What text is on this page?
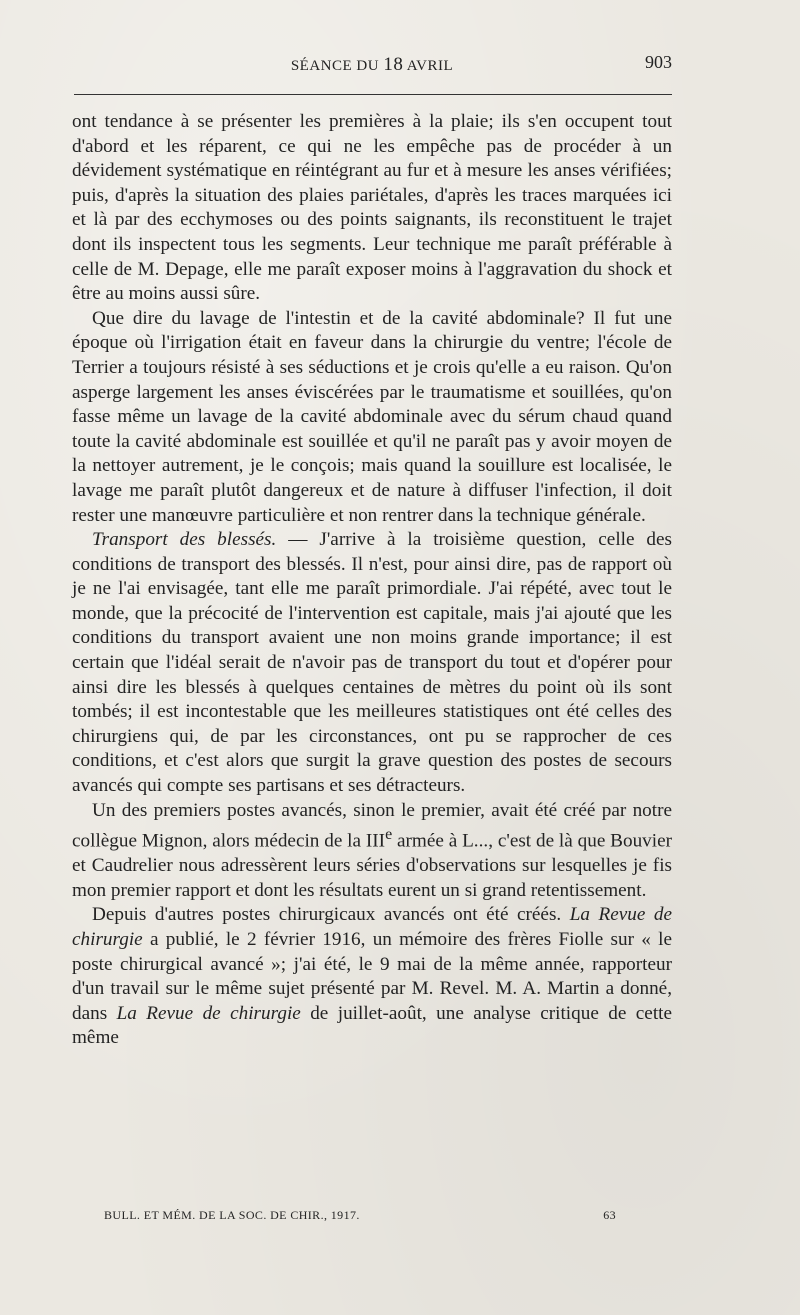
SÉANCE DU 18 AVRIL	903

ont tendance à se présenter les premières à la plaie; ils s'en occupent tout d'abord et les réparent, ce qui ne les empêche pas de procéder à un dévidement systématique en réintégrant au fur et à mesure les anses vérifiées; puis, d'après la situation des plaies pariétales, d'après les traces marquées ici et là par des ecchymoses ou des points saignants, ils reconstituent le trajet dont ils inspectent tous les segments. Leur technique me paraît préférable à celle de M. Depage, elle me paraît exposer moins à l'aggravation du shock et être au moins aussi sûre.

Que dire du lavage de l'intestin et de la cavité abdominale? Il fut une époque où l'irrigation était en faveur dans la chirurgie du ventre; l'école de Terrier a toujours résisté à ses séductions et je crois qu'elle a eu raison. Qu'on asperge largement les anses éviscérées par le traumatisme et souillées, qu'on fasse même un lavage de la cavité abdominale avec du sérum chaud quand toute la cavité abdominale est souillée et qu'il ne paraît pas y avoir moyen de la nettoyer autrement, je le conçois; mais quand la souillure est localisée, le lavage me paraît plutôt dangereux et de nature à diffuser l'infection, il doit rester une manœuvre particulière et non rentrer dans la technique générale.

Transport des blessés. — J'arrive à la troisième question, celle des conditions de transport des blessés. Il n'est, pour ainsi dire, pas de rapport où je ne l'ai envisagée, tant elle me paraît primordiale. J'ai répété, avec tout le monde, que la précocité de l'intervention est capitale, mais j'ai ajouté que les conditions du transport avaient une non moins grande importance; il est certain que l'idéal serait de n'avoir pas de transport du tout et d'opérer pour ainsi dire les blessés à quelques centaines de mètres du point où ils sont tombés; il est incontestable que les meilleures statistiques ont été celles des chirurgiens qui, de par les circonstances, ont pu se rapprocher de ces conditions, et c'est alors que surgit la grave question des postes de secours avancés qui compte ses partisans et ses détracteurs.

Un des premiers postes avancés, sinon le premier, avait été créé par notre collègue Mignon, alors médecin de la IIIe armée à L..., c'est de là que Bouvier et Caudrelier nous adressèrent leurs séries d'observations sur lesquelles je fis mon premier rapport et dont les résultats eurent un si grand retentissement.

Depuis d'autres postes chirurgicaux avancés ont été créés. La Revue de chirurgie a publié, le 2 février 1916, un mémoire des frères Fiolle sur « le poste chirurgical avancé »; j'ai été, le 9 mai de la même année, rapporteur d'un travail sur le même sujet présenté par M. Revel. M. A. Martin a donné, dans La Revue de chirurgie de juillet-août, une analyse critique de cette même

BULL. ET MÉM. DE LA SOC. DE CHIR., 1917.	63
